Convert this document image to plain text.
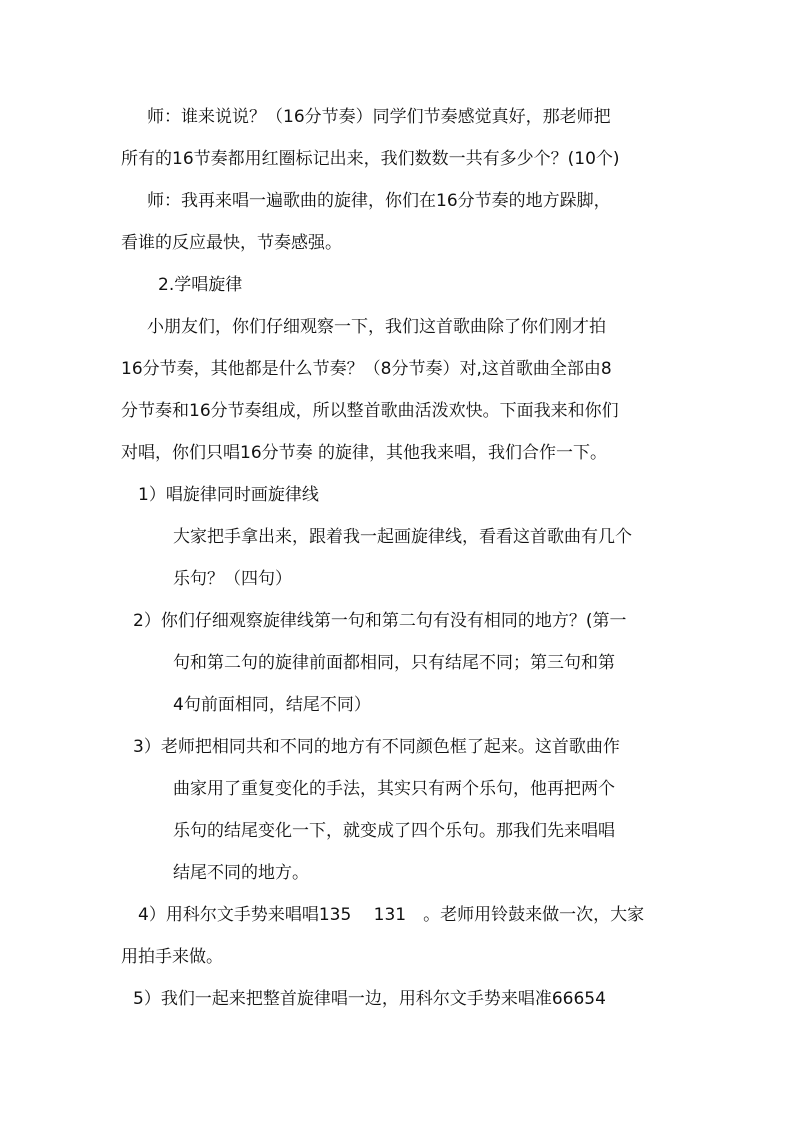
师：谁来说说？（16分节奏）同学们节奏感觉真好，那老师把
所有的16节奏都用红圈标记出来，我们数数一共有多少个？(10个)
师：我再来唱一遍歌曲的旋律，你们在16分节奏的地方跺脚，
看谁的反应最快，节奏感强。
2.学唱旋律
小朋友们，你们仔细观察一下，我们这首歌曲除了你们刚才拍
16分节奏，其他都是什么节奏？（8分节奏）对,这首歌曲全部由8
分节奏和16分节奏组成，所以整首歌曲活泼欢快。下面我来和你们
对唱，你们只唱16分节奏 的旋律，其他我来唱，我们合作一下。
1）唱旋律同时画旋律线
大家把手拿出来，跟着我一起画旋律线，看看这首歌曲有几个
乐句？（四句）
2）你们仔细观察旋律线第一句和第二句有没有相同的地方？(第一
句和第二句的旋律前面都相同，只有结尾不同；第三句和第
4句前面相同，结尾不同）
3）老师把相同共和不同的地方有不同颜色框了起来。这首歌曲作
曲家用了重复变化的手法，其实只有两个乐句，他再把两个
乐句的结尾变化一下，就变成了四个乐句。那我们先来唱唱
结尾不同的地方。
4）用科尔文手势来唱唱135　 131　。老师用铃鼓来做一次，大家
用拍手来做。
5）我们一起来把整首旋律唱一边，用科尔文手势来唱准66654
